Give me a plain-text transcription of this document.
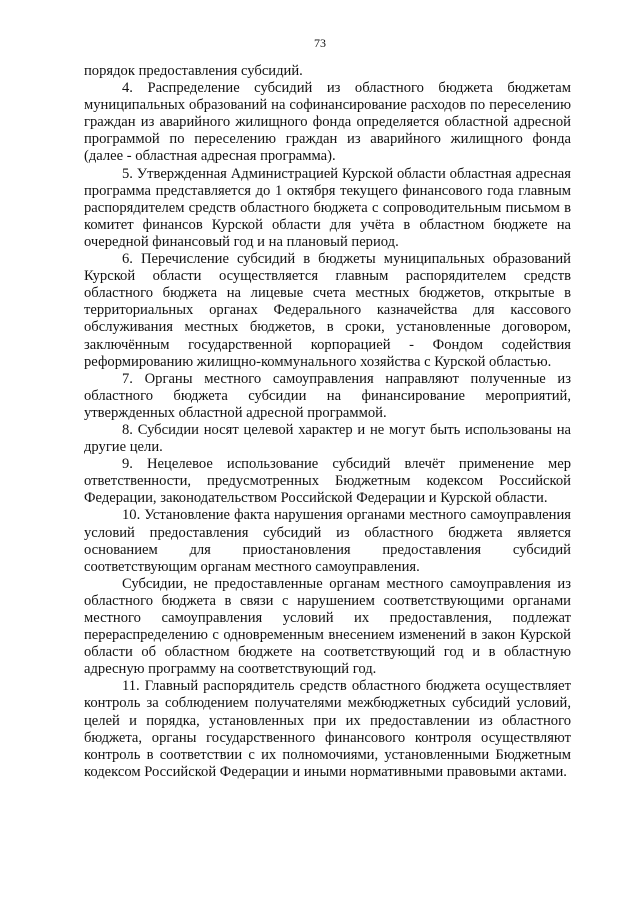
73

порядок предоставления субсидий.

4. Распределение субсидий из областного бюджета бюджетам муниципальных образований на софинансирование расходов по переселению граждан из аварийного жилищного фонда определяется областной адресной программой по переселению граждан из аварийного жилищного фонда (далее - областная адресная программа).

5. Утвержденная Администрацией Курской области областная адресная программа представляется до 1 октября текущего финансового года главным распорядителем средств областного бюджета с сопроводительным письмом в комитет финансов Курской области для учёта в областном бюджете на очередной финансовый год и на плановый период.

6. Перечисление субсидий в бюджеты муниципальных образований Курской области осуществляется главным распорядителем средств областного бюджета на лицевые счета местных бюджетов, открытые в территориальных органах Федерального казначейства для кассового обслуживания местных бюджетов, в сроки, установленные договором, заключённым государственной корпорацией - Фондом содействия реформированию жилищно-коммунального хозяйства с Курской областью.

7. Органы местного самоуправления направляют полученные из областного бюджета субсидии на финансирование мероприятий, утвержденных областной адресной программой.

8. Субсидии носят целевой характер и не могут быть использованы на другие цели.

9. Нецелевое использование субсидий влечёт применение мер ответственности, предусмотренных Бюджетным кодексом Российской Федерации, законодательством Российской Федерации и Курской области.

10. Установление факта нарушения органами местного самоуправления условий предоставления субсидий из областного бюджета является основанием для приостановления предоставления субсидий соответствующим органам местного самоуправления.

Субсидии, не предоставленные органам местного самоуправления из областного бюджета в связи с нарушением соответствующими органами местного самоуправления условий их предоставления, подлежат перераспределению с одновременным внесением изменений в закон Курской области об областном бюджете на соответствующий год и в областную адресную программу на соответствующий год.

11. Главный распорядитель средств областного бюджета осуществляет контроль за соблюдением получателями межбюджетных субсидий условий, целей и порядка, установленных при их предоставлении из областного бюджета, органы государственного финансового контроля осуществляют контроль в соответствии с их полномочиями, установленными Бюджетным кодексом Российской Федерации и иными нормативными правовыми актами.
